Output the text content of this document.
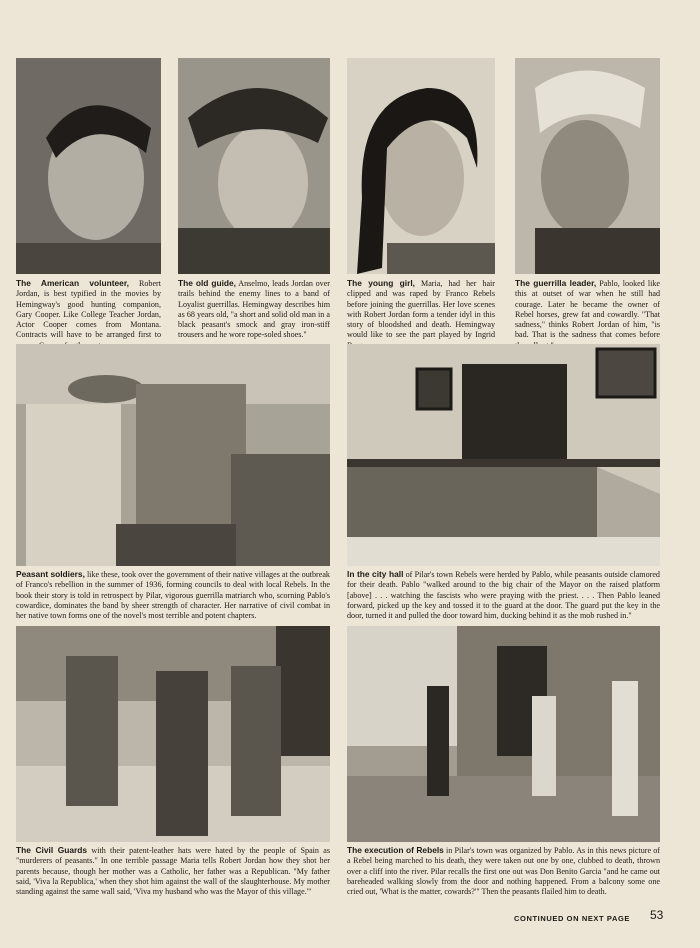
The American volunteer, Robert Jordan, is best typified in the movies by Hemingway's good hunting companion, Gary Cooper. Like College Teacher Jordan, Actor Cooper comes from Montana. Contracts will have to be arranged first to

The old guide, Anselmo, leads Jordan over trails behind the enemy lines to a band of Loyalist guerrillas. Hemingway describes him as 68 years old, "a short and solid old man in a black peasant's smock and gray iron-stiff trousers and he wore rope-soled shoes."

The young girl, Maria, had her hair clipped and was raped by Franco Rebels before joining the guerrillas. Her love scenes with Robert Jordan form a tender idyl in this story of bloodshed and death. Hemingway would like to see the part played by Ingrid

The guerrilla leader, Pablo, looked like this at outset of war when he still had courage. Later he became the owner of Rebel horses, grew fat and cowardly. "That sadness," thinks Robert Jordan of him, "is bad. That is the sadness that comes before

Peasant soldiers, like these, took over the government of their native villages at the outbreak of Franco's rebellion in the summer of 1936, forming councils to deal with local Rebels. In the book their story is told in retrospect by Pilar, vigorous guerrilla matriarch who, scorning Pablo's cowardice, dominates the band by sheer strength of character. Her narrative of civil combat in her native town forms one of the novel's most terrible and potent chapters.

In the city hall of Pilar's town Rebels were herded by Pablo, while peasants outside clamored for their death. Pablo "walked around to the big chair of the Mayor on the raised platform [above] . . . watching the fascists who were praying with the priest. . . . Then Pablo leaned forward, picked up the key and tossed it to the guard at the door. The guard put the key in the door, turned it and pulled the door toward him, ducking behind it as the mob rushed in."

The Civil Guards with their patent-leather hats were hated by the people of Spain as "murderers of peasants." In one terrible passage Maria tells Robert Jordan how they shot her parents because, though her mother was a Catholic, her father was a Republican. "My father said, 'Viva la Republica,' when they shot him against the wall of the slaughterhouse. My mother standing against the same wall said, 'Viva my husband who was the Mayor of this village.'"

The execution of Rebels in Pilar's town was organized by Pablo. As in this news picture of a Rebel being marched to his death, they were taken out one by one, clubbed to death, thrown over a cliff into the river. Pilar recalls the first one out was Don Benito Garcia "and he came out bareheaded walking slowly from the door and nothing happened. From a balcony some one cried out, 'What is the matter, cowards?'" Then the peasants flailed him to death.

CONTINUED ON NEXT PAGE 53
